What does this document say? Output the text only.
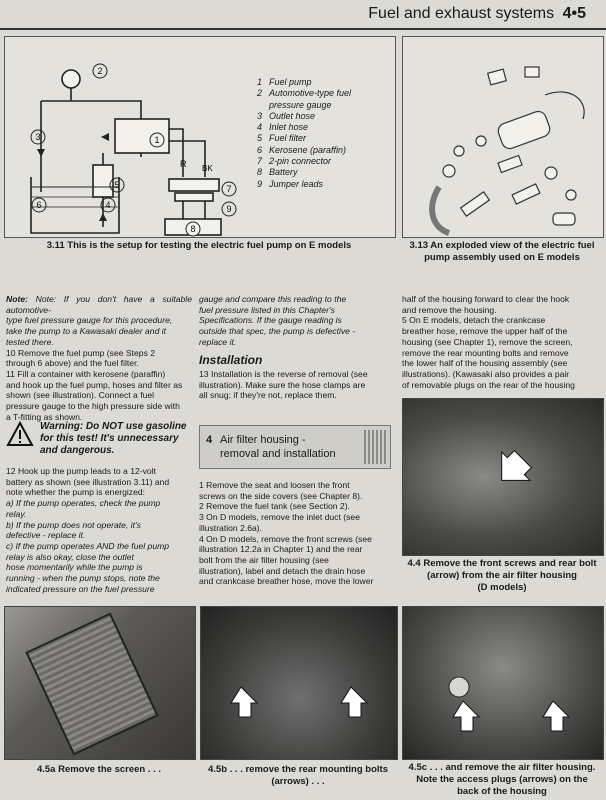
Fuel and exhaust systems 4•5
R BK
2
1
3
5
4
6
7
9
8
1 Fuel pump
2 Automotive-type fuel
pressure gauge
3 Outlet hose
4 Inlet hose
5 Fuel filter
6 Kerosene (paraffin)
7 2-pin connector
8 Battery
9 Jumper leads
3.11 This is the setup for testing the electric fuel pump on E models	3.13 An exploded view of the electric fuel
pump assembly used on E models

Note: Note: If you don't have a suitable automotive-
type fuel pressure gauge for this procedure,
take the pump to a Kawasaki dealer and it
tested there.

10 Remove the fuel pump (see Steps 2
through 6 above) and the fuel filter.

11 Fill a container with kerosene (paraffin)
and hook up the fuel pump, hoses and filter as
shown (see illustration). Connect a fuel
pressure gauge to the high pressure side with
a T-fitting as shown.

Warning: Do NOT use gasoline
for this test! It's unnecessary
and dangerous.

12 Hook up the pump leads to a 12-volt
battery as shown (see illustration 3.11) and
note whether the pump is energized:

a) If the pump operates, check the pump
relay.

b) If the pump does not operate, it's
defective - replace it.

c) If the pump operates AND the fuel pump
relay is also okay, close the outlet
hose momentarily while the pump is
running - when the pump stops, note the
indicated pressure on the fuel pressure

gauge and compare this reading to the
fuel pressure listed in this Chapter's
Specifications. If the gauge reading is
outside that spec, the pump is defective -
replace it.

Installation
13 Installation is the reverse of removal (see
illustration). Make sure the hose clamps are
all snug; if they're not, replace them.
4 Air filter housing -
removal and installation
1 Remove the seat and loosen the front
screws on the side covers (see Chapter 8).
2 Remove the fuel tank (see Section 2).
3 On D models, remove the inlet duct (see
illustration 2.6a).
4 On D models, remove the front screws (see
illustration 12.2a in Chapter 1) and the rear
bolt from the air filter housing (see
illustration), label and detach the drain hose
and crankcase breather hose, move the lower
half of the housing forward to clear the hook
and remove the housing.
5 On E models, detach the crankcase
breather hose, remove the upper half of the
housing (see Chapter 1), remove the screen,
remove the rear mounting bolts and remove
the lower half of the housing assembly (see
illustrations). (Kawasaki also provides a pair
of removable plugs on the rear of the housing
4.4 Remove the front screws and rear bolt
(arrow) from the air filter housing
(D models)
4.5a Remove the screen . . .	4.5b . . . remove the rear mounting bolts
(arrows) . . .
4.5c . . . and remove the air filter housing.
Note the access plugs (arrows) on the
back of the housing
